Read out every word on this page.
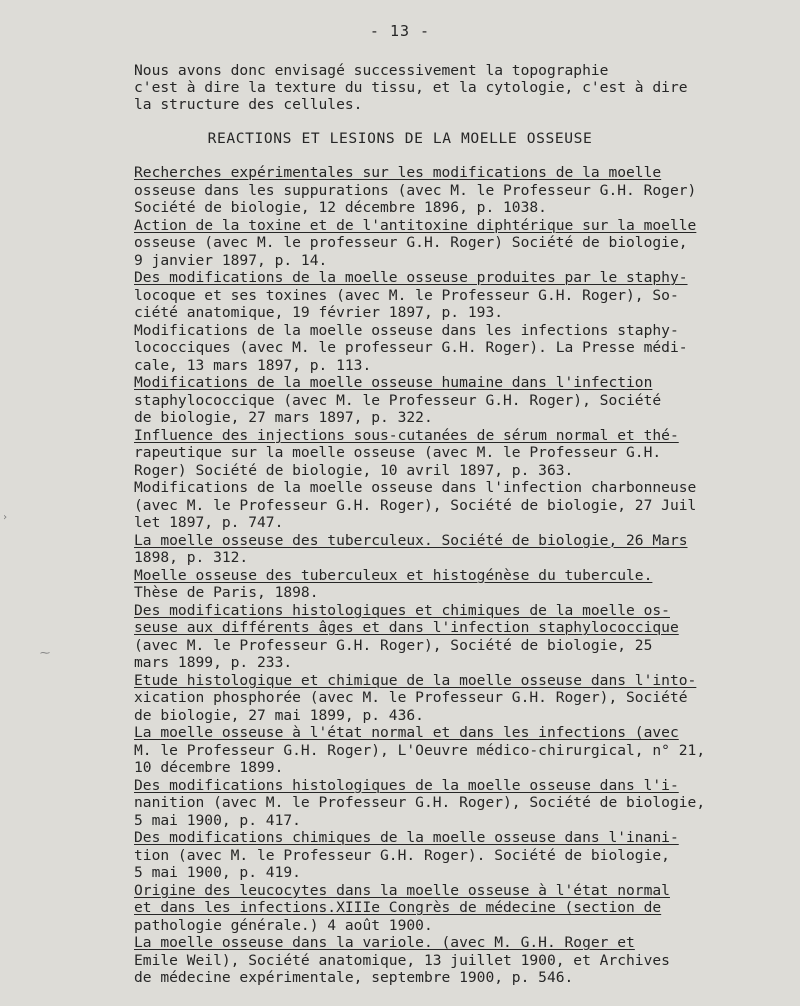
- 13 -
Nous avons donc envisagé successivement la topographie
c'est à dire la texture du tissu, et la cytologie, c'est à dire
la structure des cellules.
REACTIONS ET LESIONS DE LA MOELLE OSSEUSE
Recherches expérimentales sur les modifications de la moelle
osseuse dans les suppurations (avec M. le Professeur G.H. Roger)
Société de biologie, 12 décembre 1896, p. 1038.
Action de la toxine et de l'antitoxine diphtérique sur la moelle
osseuse (avec M. le professeur G.H. Roger) Société de biologie,
9 janvier 1897, p. 14.
Des modifications de la moelle osseuse produites par le staphy-
locoque et ses toxines (avec M. le Professeur G.H. Roger), So-
ciété anatomique, 19 février 1897, p. 193.
Modifications de la moelle osseuse dans les infections staphy-
lococciques (avec M. le professeur G.H. Roger). La Presse médi-
cale, 13 mars 1897, p. 113.
Modifications de la moelle osseuse humaine dans l'infection
staphylococcique (avec M. le Professeur G.H. Roger), Société
de biologie, 27 mars 1897, p. 322.
Influence des injections sous-cutanées de sérum normal et thé-
rapeutique sur la moelle osseuse (avec M. le Professeur G.H.
Roger) Société de biologie, 10 avril 1897, p. 363.
Modifications de la moelle osseuse dans l'infection charbonneuse
(avec M. le Professeur G.H. Roger), Société de biologie, 27 Juil
let 1897, p. 747.
La moelle osseuse des tuberculeux. Société de biologie, 26 Mars
1898, p. 312.
Moelle osseuse des tuberculeux et histogénèse du tubercule.
Thèse de Paris, 1898.
Des modifications histologiques et chimiques de la moelle os-
seuse aux différents âges et dans l'infection staphylococcique
(avec M. le Professeur G.H. Roger), Société de biologie, 25
mars 1899, p. 233.
Etude histologique et chimique de la moelle osseuse dans l'into-
xication phosphorée (avec M. le Professeur G.H. Roger), Société
de biologie, 27 mai 1899, p. 436.
La moelle osseuse à l'état normal et dans les infections (avec
M. le Professeur G.H. Roger), L'Oeuvre médico-chirurgical, n° 21,
10 décembre 1899.
Des modifications histologiques de la moelle osseuse dans l'i-
nanition (avec M. le Professeur G.H. Roger), Société de biologie,
5 mai 1900, p. 417.
Des modifications chimiques de la moelle osseuse dans l'inani-
tion (avec M. le Professeur G.H. Roger). Société de biologie,
5 mai 1900, p. 419.
Origine des leucocytes dans la moelle osseuse à l'état normal
et dans les infections.XIIIe Congrès de médecine (section de
pathologie générale.) 4 août 1900.
La moelle osseuse dans la variole. (avec M. G.H. Roger et
Emile Weil), Société anatomique, 13 juillet 1900, et Archives
de médecine expérimentale, septembre 1900, p. 546.
›
⁓
